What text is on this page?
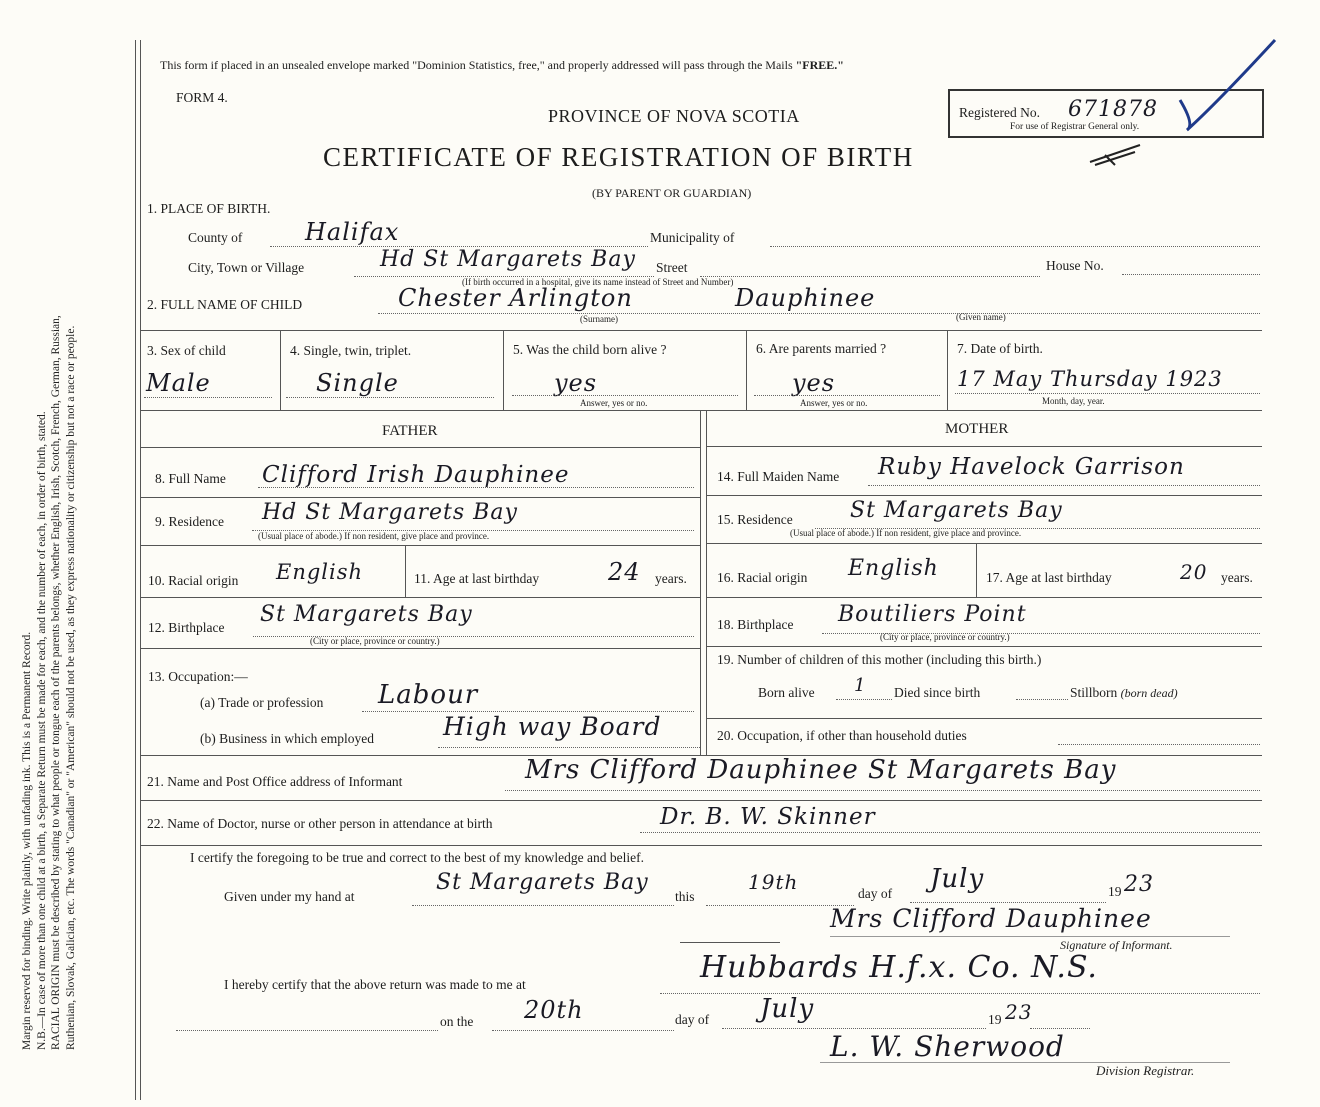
Margin reserved for binding. Write plainly, with unfading ink. This is a Permanent Record. N.B.—In case of more than one child at a birth, a Separate Return must be made for each, and the number of each, in order of birth, stated. RACIAL ORIGIN must be described by stating to what people or tongue each of the parents belongs, whether English, Irish, Scotch, French, German, Russian, Ruthenian, Slovak, Galician, etc. The words "Canadian" or "American" should not be used, as they express nationality or citizenship but not a race or people.
This form if placed in an unsealed envelope marked "Dominion Statistics, free," and properly addressed will pass through the Mails "FREE."
FORM 4.
PROVINCE OF NOVA SCOTIA
CERTIFICATE OF REGISTRATION OF BIRTH
(BY PARENT OR GUARDIAN)
Registered No. 671878
For use of Registrar General only.
1. PLACE OF BIRTH.
County of	Halifax	Municipality of
City, Town or Village	Hd St Margarets Bay Street	House No.
(If birth occurred in a hospital, give its name instead of Street and Number)
2. FULL NAME OF CHILD	Chester Arlington	Dauphinee
(Surname)	(Given name)
3. Sex of child
Male
4. Single, twin, triplet.
Single
5. Was the child born alive ?
yes
Answer, yes or no.
6. Are parents married ?
yes
Answer, yes or no.
7. Date of birth.
17 May Thursday 1923
Month, day, year.
FATHER	MOTHER
8. Full Name Clifford Irish Dauphinee
9. Residence Hd St Margarets Bay
(Usual place of abode.) If non resident, give place and province.
10. Racial origin English	11. Age at last birthday	24 years.
12. Birthplace
St Margarets Bay
(City or place, province or country.)
13. Occupation:—
(a) Trade or profession Labour
(b) Business in which employed	High way Board
14. Full Maiden Name Ruby Havelock Garrison
15. Residence	St Margarets Bay
(Usual place of abode.) If non resident, give place and province.
16. Racial origin English	17. Age at last birthday	20 years.
18. Birthplace Boutiliers Point
(City or place, province or country.)
19. Number of children of this mother (including this birth.)
Born alive 1 Died since birth	Stillborn (born dead)
20. Occupation, if other than household duties
21. Name and Post Office address of Informant	Mrs Clifford Dauphinee St Margarets Bay
22. Name of Doctor, nurse or other person in attendance at birth	Dr. B. W. Skinner
I certify the foregoing to be true and correct to the best of my knowledge and belief.
Given under my hand at
St Margarets Bay
this
19th	day of July	19 23
Mrs Clifford Dauphinee
Signature of Informant.
I hereby certify that the above return was made to me at	Hubbards H.f.x. Co. N.S.
on the 20th	day of July	19 23
L. W. Sherwood
Division Registrar.
